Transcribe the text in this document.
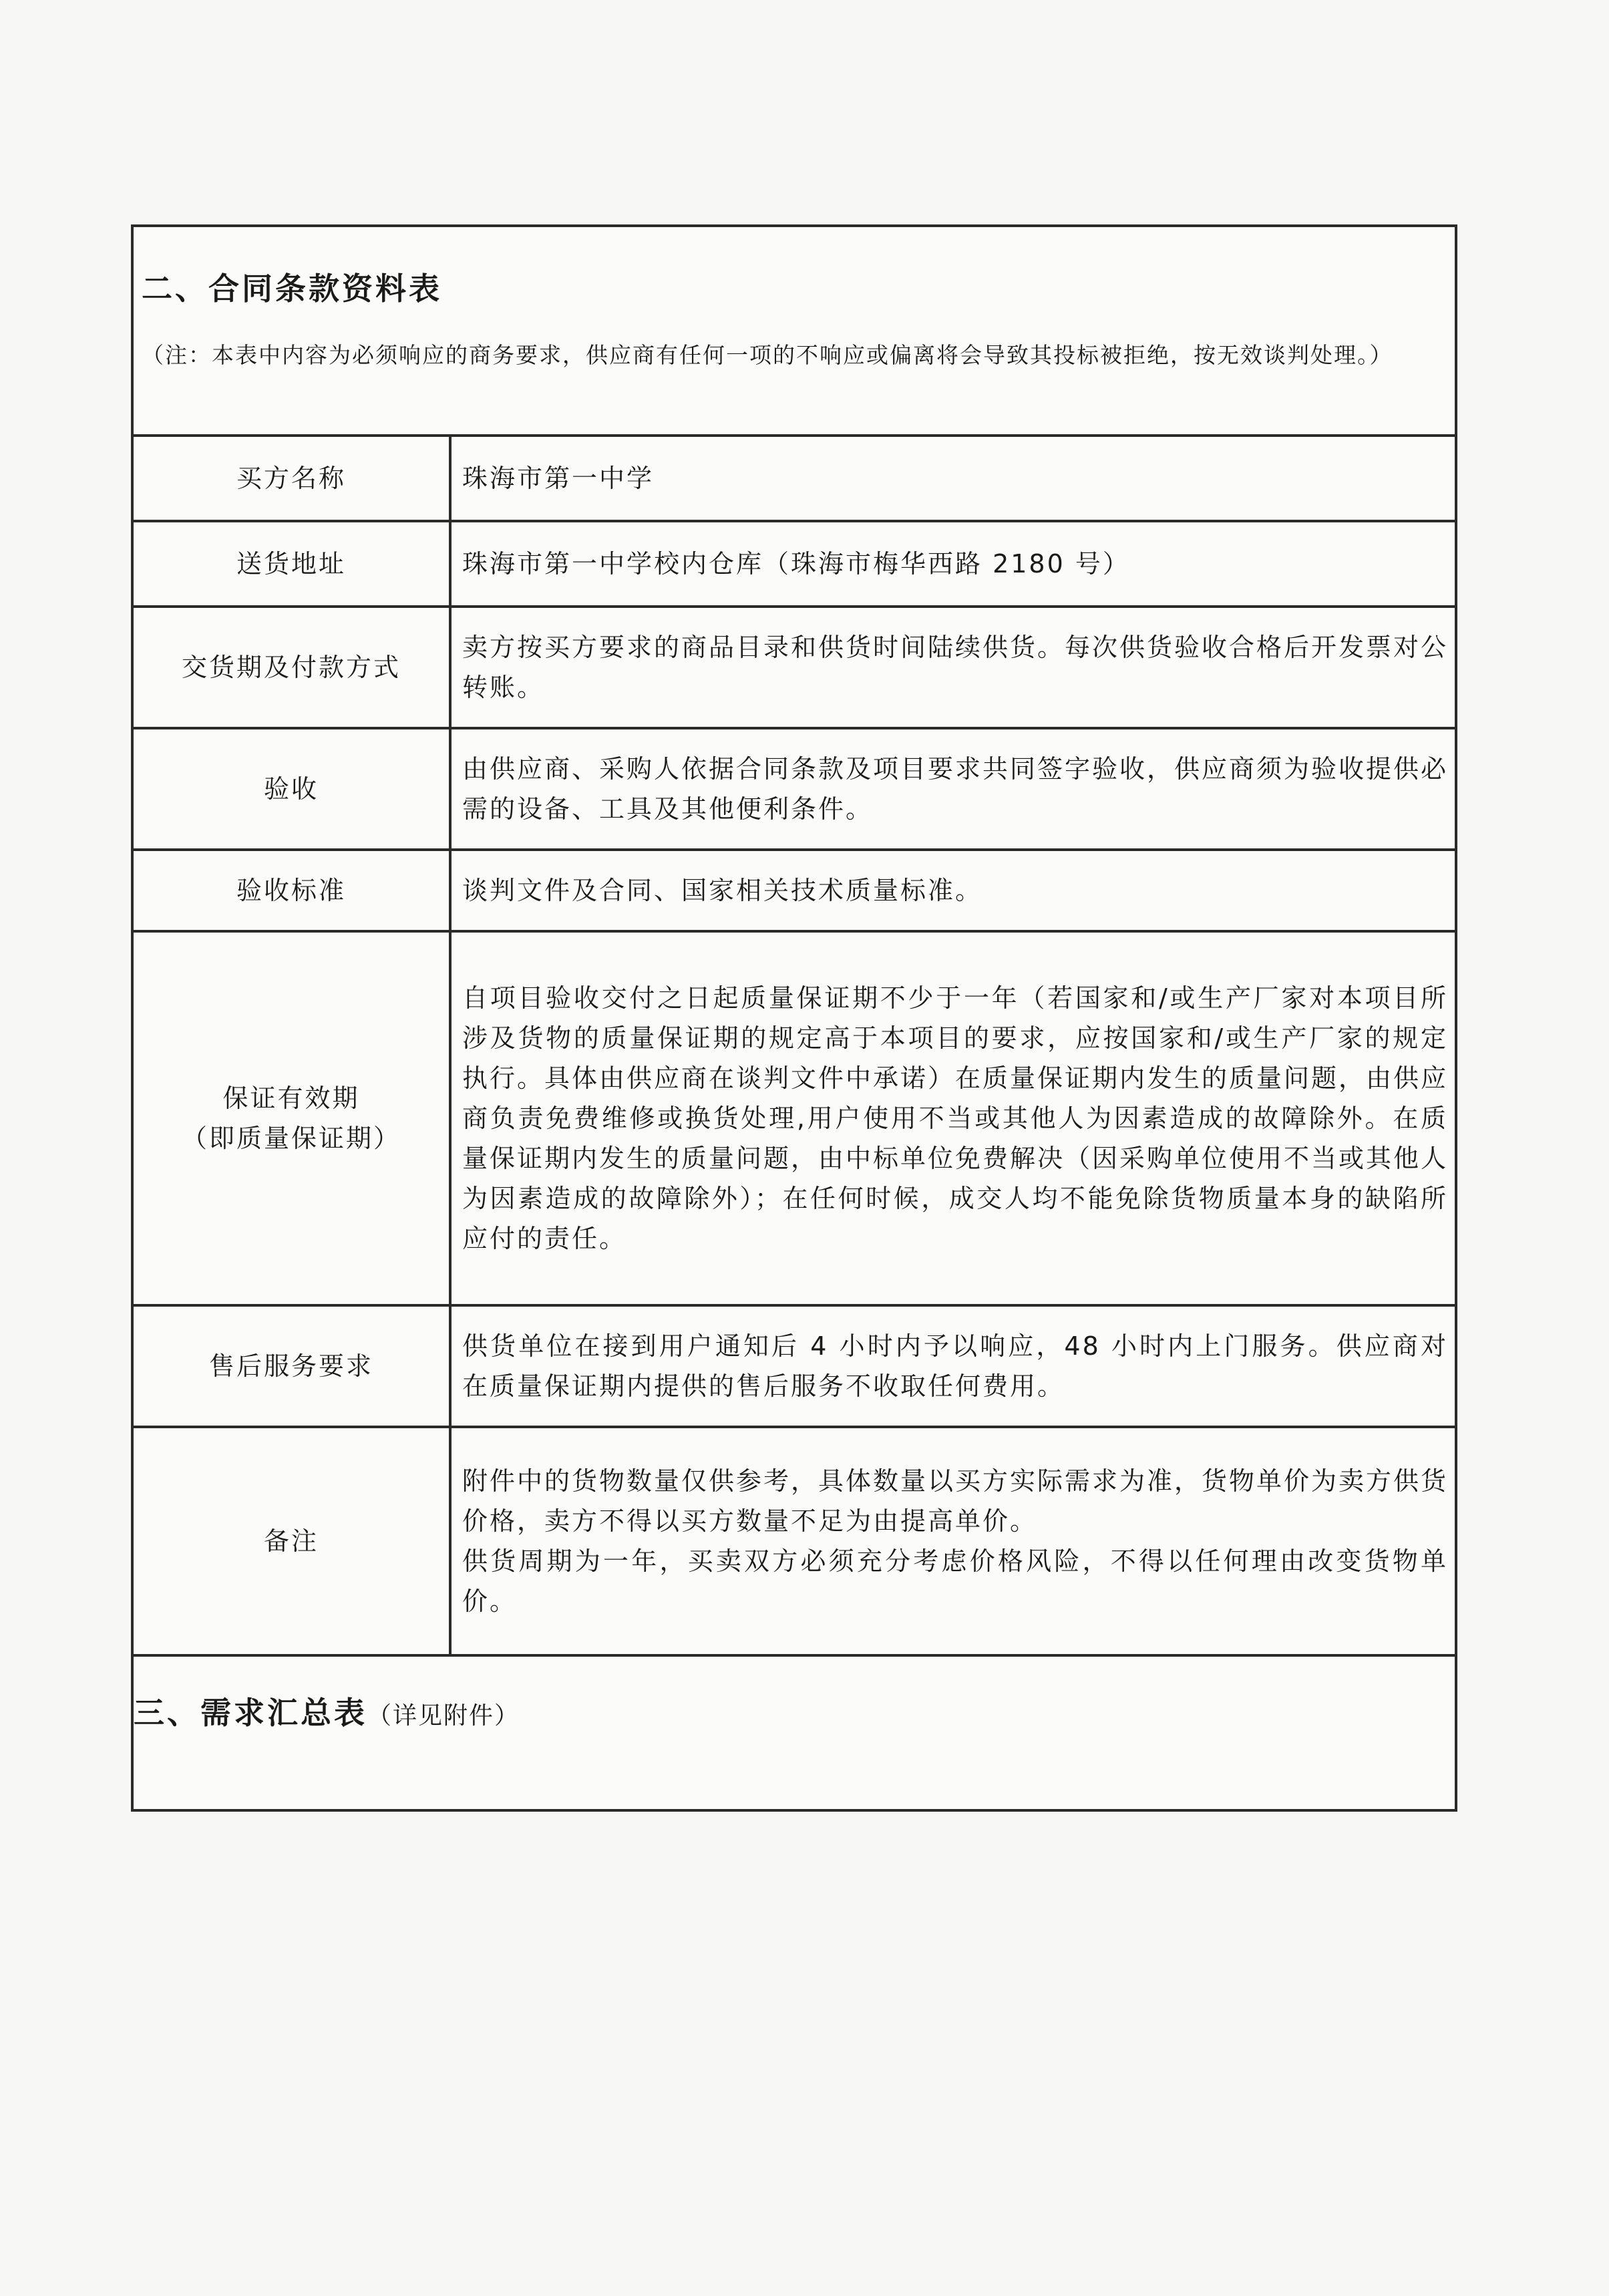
二、合同条款资料表
（注：本表中内容为必须响应的商务要求，供应商有任何一项的不响应或偏离将会导致其投标被拒绝，按无效谈判处理。）
买方名称	珠海市第一中学

送货地址	珠海市第一中学校内仓库（珠海市梅华西路 2180 号）

交货期及付款方式	卖方按买方要求的商品目录和供货时间陆续供货。每次供货验收合格后开发票对公转账。

验收	由供应商、采购人依据合同条款及项目要求共同签字验收，供应商须为验收提供必需的设备、工具及其他便利条件。

验收标准	谈判文件及合同、国家相关技术质量标准。

保证有效期
（即质量保证期）	自项目验收交付之日起质量保证期不少于一年（若国家和/或生产厂家对本项目所涉及货物的质量保证期的规定高于本项目的要求，应按国家和/或生产厂家的规定执行。具体由供应商在谈判文件中承诺）在质量保证期内发生的质量问题，由供应商负责免费维修或换货处理,用户使用不当或其他人为因素造成的故障除外。在质量保证期内发生的质量问题，由中标单位免费解决（因采购单位使用不当或其他人为因素造成的故障除外）；在任何时候，成交人均不能免除货物质量本身的缺陷所应付的责任。

售后服务要求	供货单位在接到用户通知后 4 小时内予以响应，48 小时内上门服务。供应商对在质量保证期内提供的售后服务不收取任何费用。

备注	附件中的货物数量仅供参考，具体数量以买方实际需求为准，货物单价为卖方供货价格，卖方不得以买方数量不足为由提高单价。

供货周期为一年，买卖双方必须充分考虑价格风险，不得以任何理由改变货物单价。

三、需求汇总表（详见附件）
